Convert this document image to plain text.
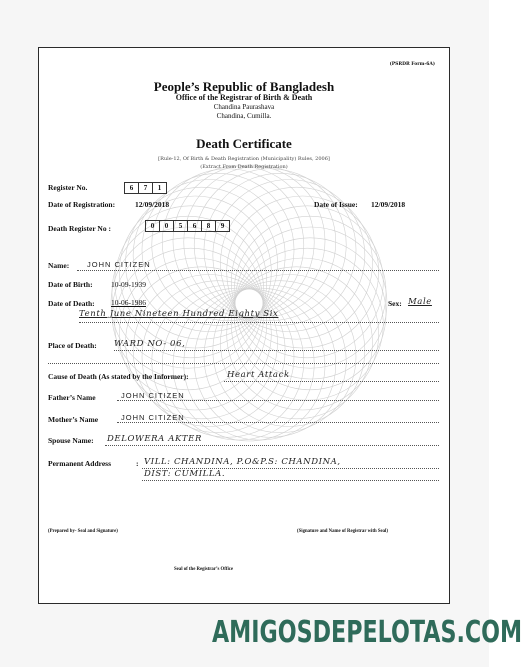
(PSRDR Form-6A)
People’s Republic of Bangladesh
Office of the Registrar of Birth & Death
Chandina Paurashava
Chandina, Cumilla.
Death Certificate
[Rule-12, Of Birth & Death Registration (Municipality) Rules, 2006]
(Extract From Death Registration)
Register No.	6	7	1
Date of Registration:	12/09/2018	Date of Issue: 12/09/2018
Death Register No :	0	0	5	6	8	9
Name: JOHN CITIZEN
Date of Birth: 10-09-1939
Date of Death: 10-06-1986	Sex: Male
Tenth June Nineteen Hundred Eighty Six
Place of Death: WARD NO- 06,
Cause of Death (As stated by the Informer):	Heart Attack
Father’s Name	JOHN CITIZEN
Mother’s Name	JOHN CITIZEN
Spouse Name: DELOWERA AKTER
Permanent Address	: VILL: CHANDINA, P.O&P.S: CHANDINA,
DIST: CUMILLA.
(Prepared by- Seal and Signature)	(Signature and Name of Registrar with Seal)
Seal of the Registrar’s Office
AMIGOSDEPELOTAS.COM
